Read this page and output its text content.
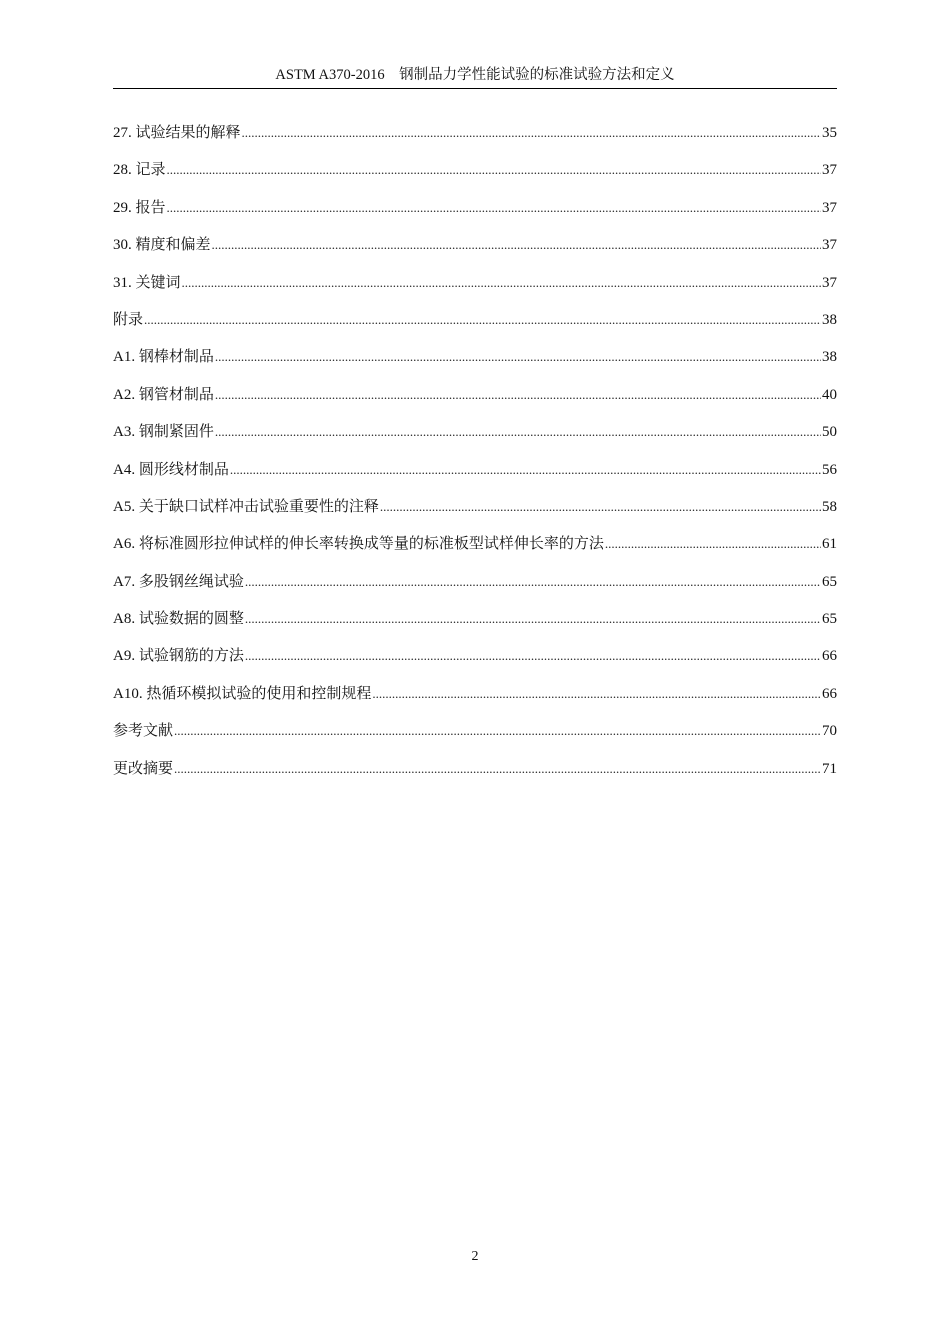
ASTM A370-2016　钢制品力学性能试验的标准试验方法和定义
27. 试验结果的解释 .....	35
28. 记录 .....	37
29. 报告 .....	37
30. 精度和偏差 .....	37
31. 关键词 .....	37
附录 .....	38
A1. 钢棒材制品 .....	38
A2. 钢管材制品 .....	40
A3. 钢制紧固件 .....	50
A4. 圆形线材制品 .....	56
A5. 关于缺口试样冲击试验重要性的注释 .....	58
A6. 将标准圆形拉伸试样的伸长率转换成等量的标准板型试样伸长率的方法 .....	61
A7. 多股钢丝绳试验 .....	65
A8. 试验数据的圆整 .....	65
A9. 试验钢筋的方法 .....	66
A10. 热循环模拟试验的使用和控制规程 .....	66
参考文献 .....	70
更改摘要 .....	71
2
